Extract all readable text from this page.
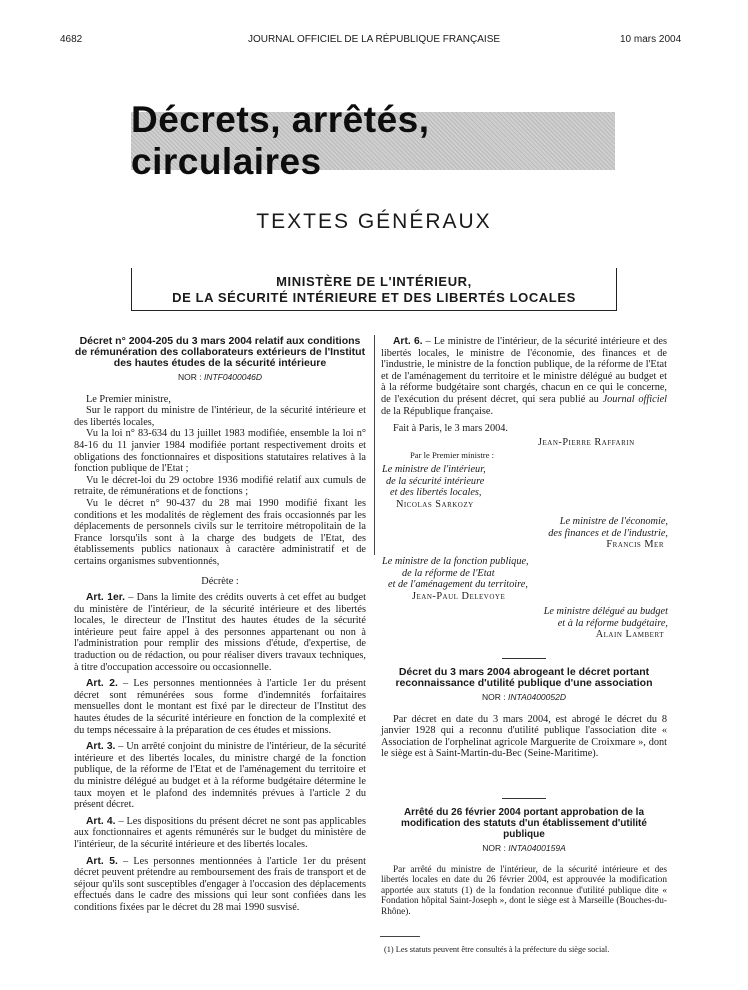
4682	JOURNAL OFFICIEL DE LA RÉPUBLIQUE FRANÇAISE	10 mars 2004
Décrets, arrêtés, circulaires
TEXTES GÉNÉRAUX
MINISTÈRE DE L'INTÉRIEUR,
DE LA SÉCURITÉ INTÉRIEURE ET DES LIBERTÉS LOCALES

Décret n° 2004-205 du 3 mars 2004 relatif aux conditions de rémunération des collaborateurs extérieurs de l'Institut des hautes études de la sécurité intérieure

NOR : INTF0400046D

Le Premier ministre,

Sur le rapport du ministre de l'intérieur, de la sécurité intérieure et des libertés locales,

Vu la loi n° 83-634 du 13 juillet 1983 modifiée, ensemble la loi n° 84-16 du 11 janvier 1984 modifiée portant respectivement droits et obligations des fonctionnaires et dispositions statutaires relatives à la fonction publique de l'Etat ;

Vu le décret-loi du 29 octobre 1936 modifié relatif aux cumuls de retraite, de rémunérations et de fonctions ;

Vu le décret n° 90-437 du 28 mai 1990 modifié fixant les conditions et les modalités de règlement des frais occasionnés par les déplacements de personnels civils sur le territoire métropolitain de la France lorsqu'ils sont à la charge des budgets de l'Etat, des établissements publics nationaux à caractère administratif et de certains organismes subventionnés,

Décrète :

Art. 1er. – Dans la limite des crédits ouverts à cet effet au budget du ministère de l'intérieur, de la sécurité intérieure et des libertés locales, le directeur de l'Institut des hautes études de la sécurité intérieure peut faire appel à des personnes appartenant ou non à l'administration pour remplir des missions d'étude, d'expertise, de traduction ou de rédaction, ou pour réaliser divers travaux techniques, à titre d'occupation accessoire ou occasionnelle.

Art. 2. – Les personnes mentionnées à l'article 1er du présent décret sont rémunérées sous forme d'indemnités forfaitaires mensuelles dont le montant est fixé par le directeur de l'Institut des hautes études de la sécurité intérieure en fonction de la complexité et du temps nécessaire à la préparation de ces études et missions.

Art. 3. – Un arrêté conjoint du ministre de l'intérieur, de la sécurité intérieure et des libertés locales, du ministre chargé de la fonction publique, de la réforme de l'Etat et de l'aménagement du territoire et du ministre délégué au budget et à la réforme budgétaire détermine le taux moyen et le plafond des indemnités prévues à l'article 2 du présent décret.

Art. 4. – Les dispositions du présent décret ne sont pas applicables aux fonctionnaires et agents rémunérés sur le budget du ministère de l'intérieur, de la sécurité intérieure et des libertés locales.

Art. 5. – Les personnes mentionnées à l'article 1er du présent décret peuvent prétendre au remboursement des frais de transport et de séjour qu'ils sont susceptibles d'engager à l'occasion des déplacements effectués dans le cadre des missions qui leur sont confiées dans les conditions fixées par le décret du 28 mai 1990 susvisé.

Art. 6. – Le ministre de l'intérieur, de la sécurité intérieure et des libertés locales, le ministre de l'économie, des finances et de l'industrie, le ministre de la fonction publique, de la réforme de l'Etat et de l'aménagement du territoire et le ministre délégué au budget et à la réforme budgétaire sont chargés, chacun en ce qui le concerne, de l'exécution du présent décret, qui sera publié au Journal officiel de la République française.

Fait à Paris, le 3 mars 2004.

Jean-Pierre Raffarin
Par le Premier ministre :
Le ministre de l'intérieur,
de la sécurité intérieure
et des libertés locales,
Nicolas Sarkozy
Le ministre de l'économie,
des finances et de l'industrie,
Francis Mer
Le ministre de la fonction publique,
de la réforme de l'Etat
et de l'aménagement du territoire,
Jean-Paul Delevoye
Le ministre délégué au budget
et à la réforme budgétaire,
Alain Lambert

Décret du 3 mars 2004 abrogeant le décret portant reconnaissance d'utilité publique d'une association

NOR : INTA0400052D

Par décret en date du 3 mars 2004, est abrogé le décret du 8 janvier 1928 qui a reconnu d'utilité publique l'association dite « Association de l'orphelinat agricole Marguerite de Croixmare », dont le siège est à Saint-Martin-du-Bec (Seine-Maritime).

Arrêté du 26 février 2004 portant approbation de la modification des statuts d'un établissement d'utilité publique

NOR : INTA0400159A

Par arrêté du ministre de l'intérieur, de la sécurité intérieure et des libertés locales en date du 26 février 2004, est approuvée la modification apportée aux statuts (1) de la fondation reconnue d'utilité publique dite « Fondation hôpital Saint-Joseph », dont le siège est à Marseille (Bouches-du-Rhône).

(1) Les statuts peuvent être consultés à la préfecture du siège social.
